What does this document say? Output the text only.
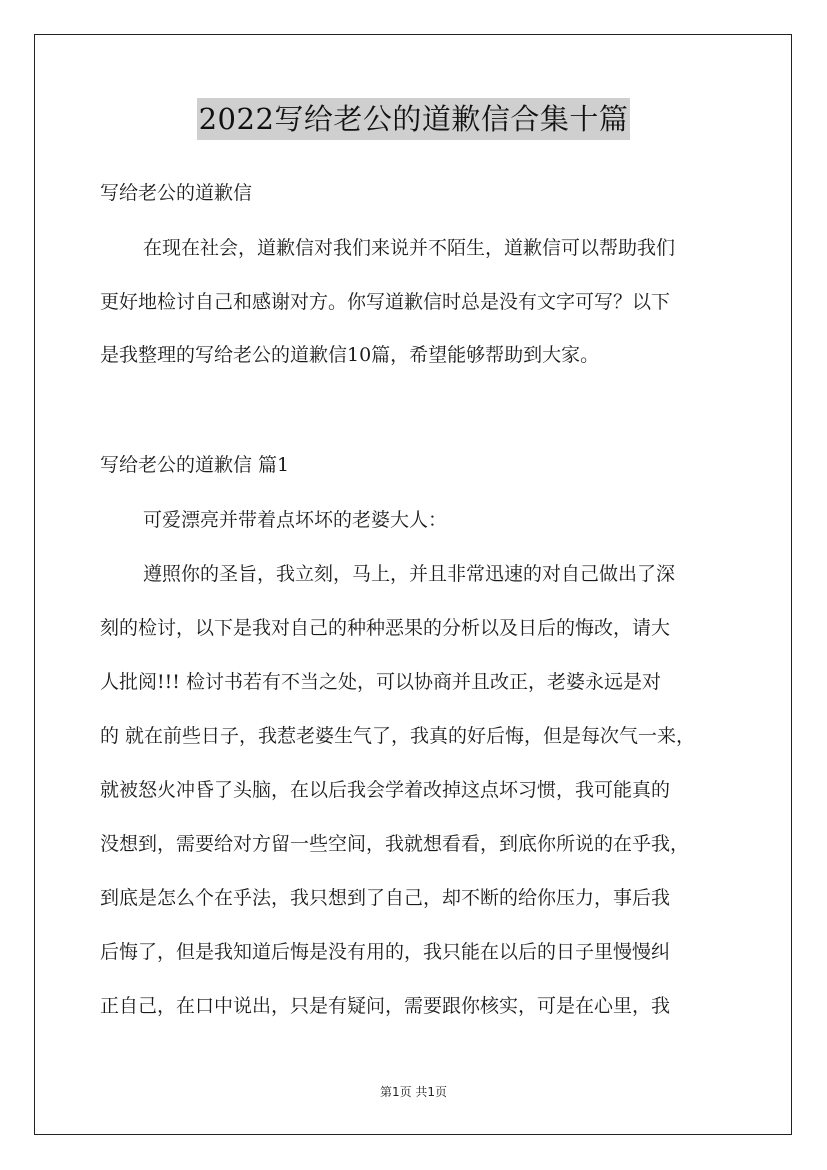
2022写给老公的道歉信合集十篇
写给老公的道歉信
在现在社会，道歉信对我们来说并不陌生，道歉信可以帮助我们
更好地检讨自己和感谢对方。你写道歉信时总是没有文字可写？以下
是我整理的写给老公的道歉信10篇，希望能够帮助到大家。
写给老公的道歉信 篇1
可爱漂亮并带着点坏坏的老婆大人：
遵照你的圣旨，我立刻，马上，并且非常迅速的对自己做出了深
刻的检讨，以下是我对自己的种种恶果的分析以及日后的悔改，请大
人批阅!!! 检讨书若有不当之处，可以协商并且改正，老婆永远是对
的 就在前些日子，我惹老婆生气了，我真的好后悔，但是每次气一来，
就被怒火冲昏了头脑，在以后我会学着改掉这点坏习惯，我可能真的
没想到，需要给对方留一些空间，我就想看看，到底你所说的在乎我，
到底是怎么个在乎法，我只想到了自己，却不断的给你压力，事后我
后悔了，但是我知道后悔是没有用的，我只能在以后的日子里慢慢纠
正自己，在口中说出，只是有疑问，需要跟你核实，可是在心里，我
第1页 共1页
